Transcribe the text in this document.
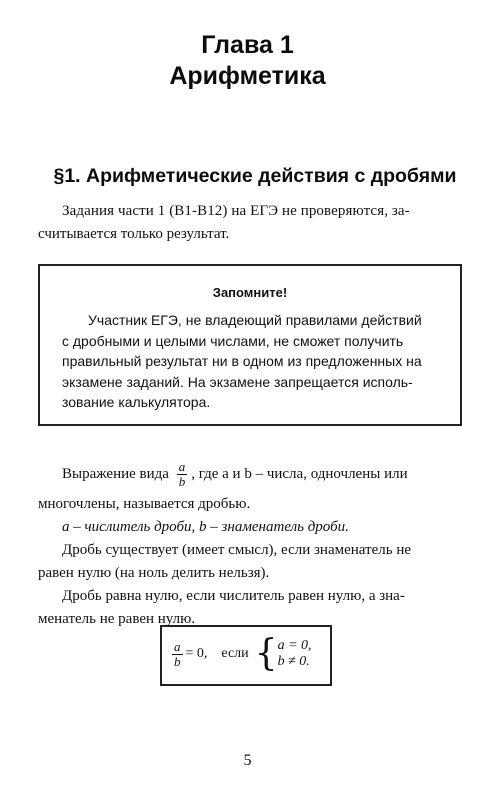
Глава 1
Арифметика
§1. Арифметические действия с дробями
Задания части 1 (В1-В12) на ЕГЭ не проверяются, за-
считывается только результат.
Запомните!
Участник ЕГЭ, не владеющий правилами действий
с дробными и целыми числами, не сможет получить
правильный результат ни в одном из предложенных на
экзамене заданий. На экзамене запрещается исполь-
зование калькулятора.
Выражение вида $\frac{a}{b}$ , где a и b – числа, одночлены или
многочлены, называется дробью.
a – числитель дроби, b – знаменатель дроби.
Дробь существует (имеет смысл), если знаменатель не
равен нулю (на ноль делить нельзя).
Дробь равна нулю, если числитель равен нулю, а зна-
менатель не равен нулю.
$\frac{a}{b} = 0$, если { a = 0,
b ≠ 0.
5
